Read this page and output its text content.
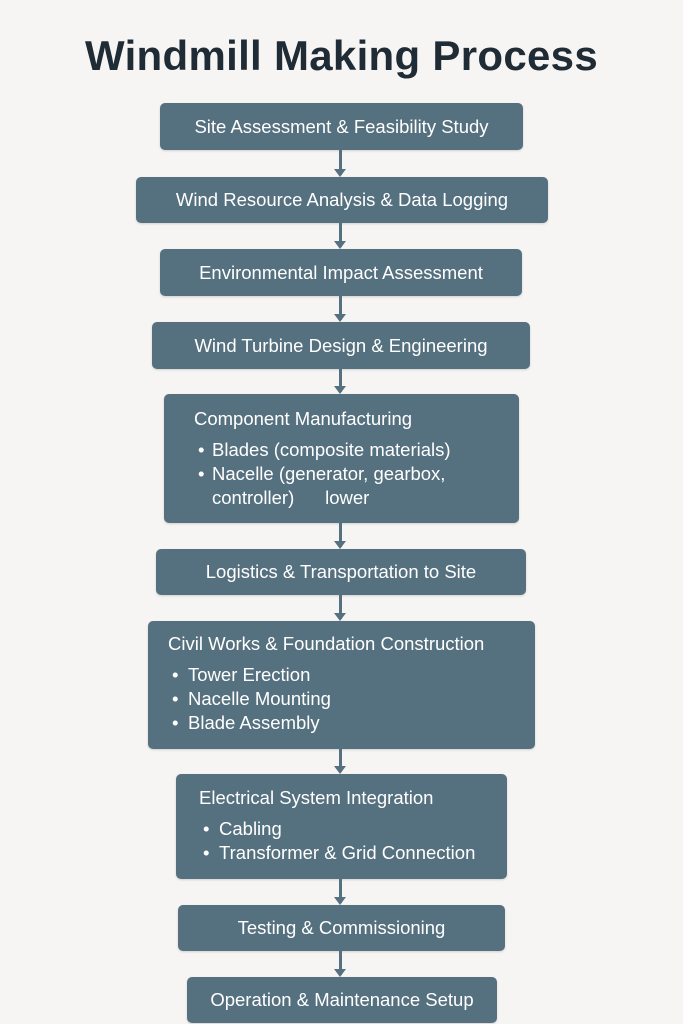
Windmill Making Process
Site Assessment & Feasibility Study
Wind Resource Analysis & Data Logging
Environmental Impact Assessment
Wind Turbine Design & Engineering
Component Manufacturing
• Blades (composite materials)
• Nacelle (generator, gearbox,
controller)      lower
Logistics & Transportation to Site
Civil Works & Foundation Construction
• Tower Erection
• Nacelle Mounting
• Blade Assembly
Electrical System Integration
• Cabling
• Transformer & Grid Connection
Testing & Commissioning
Operation & Maintenance Setup
